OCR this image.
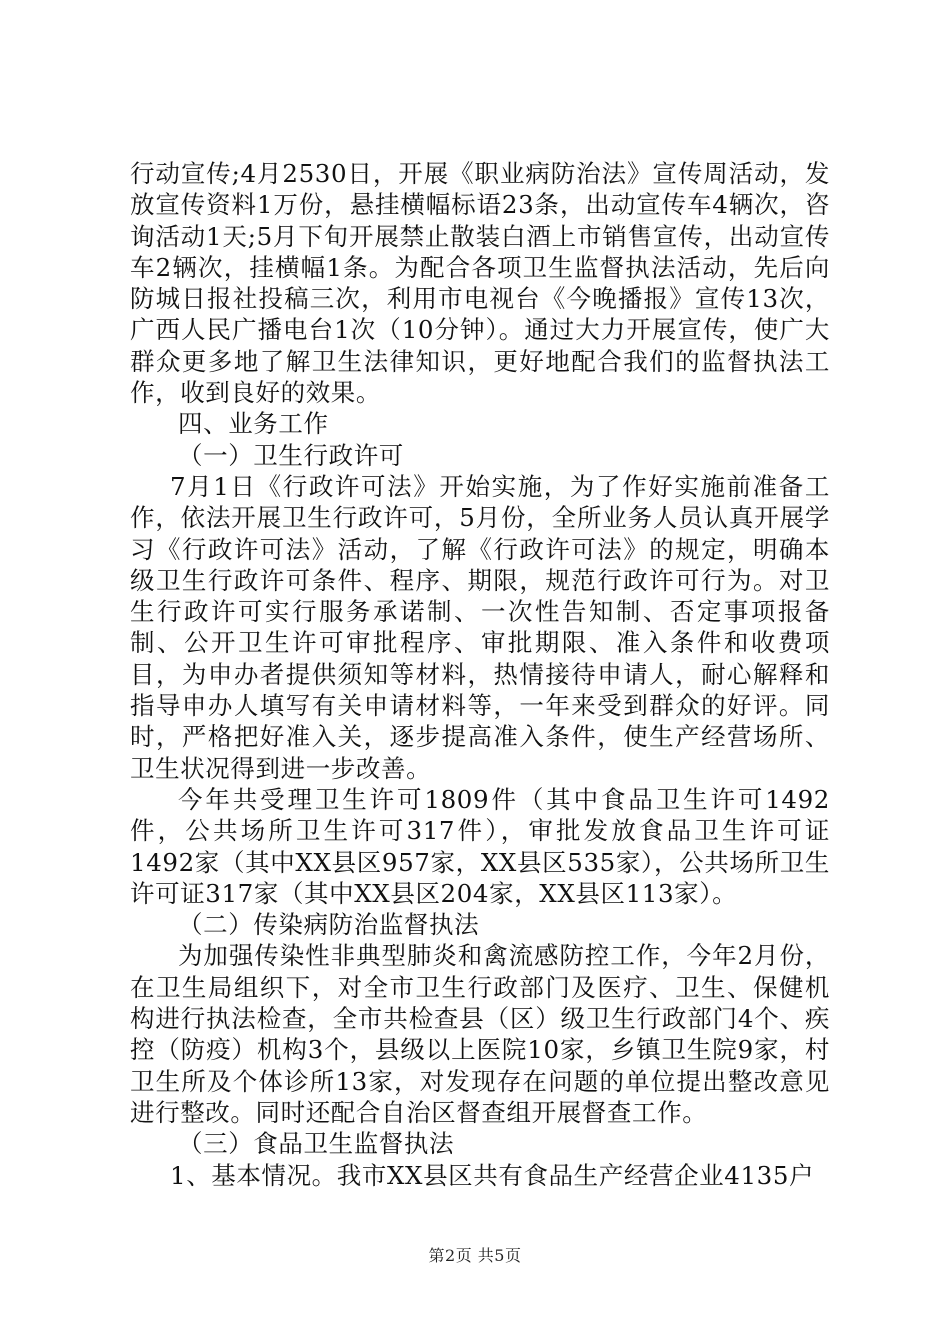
行动宣传;4月2530日，开展《职业病防治法》宣传周活动，发放宣传资料1万份，悬挂横幅标语23条，出动宣传车4辆次，咨询活动1天;5月下旬开展禁止散装白酒上市销售宣传，出动宣传车2辆次，挂横幅1条。为配合各项卫生监督执法活动，先后向防城日报社投稿三次，利用市电视台《今晚播报》宣传13次，广西人民广播电台1次（10分钟）。通过大力开展宣传，使广大群众更多地了解卫生法律知识，更好地配合我们的监督执法工作，收到良好的效果。

四、业务工作

（一）卫生行政许可

7月1日《行政许可法》开始实施，为了作好实施前准备工作，依法开展卫生行政许可，5月份，全所业务人员认真开展学习《行政许可法》活动，了解《行政许可法》的规定，明确本级卫生行政许可条件、程序、期限，规范行政许可行为。对卫生行政许可实行服务承诺制、一次性告知制、否定事项报备制、公开卫生许可审批程序、审批期限、准入条件和收费项目，为申办者提供须知等材料，热情接待申请人，耐心解释和指导申办人填写有关申请材料等，一年来受到群众的好评。同时，严格把好准入关，逐步提高准入条件，使生产经营场所、卫生状况得到进一步改善。

今年共受理卫生许可1809件（其中食品卫生许可1492件，公共场所卫生许可317件），审批发放食品卫生许可证1492家（其中XX县区957家，XX县区535家），公共场所卫生许可证317家（其中XX县区204家，XX县区113家）。

（二）传染病防治监督执法

为加强传染性非典型肺炎和禽流感防控工作，今年2月份，在卫生局组织下，对全市卫生行政部门及医疗、卫生、保健机构进行执法检查，全市共检查县（区）级卫生行政部门4个、疾控（防疫）机构3个，县级以上医院10家，乡镇卫生院9家，村卫生所及个体诊所13家，对发现存在问题的单位提出整改意见进行整改。同时还配合自治区督查组开展督查工作。

（三）食品卫生监督执法

1、基本情况。我市XX县区共有食品生产经营企业4135户

第2页 共5页
